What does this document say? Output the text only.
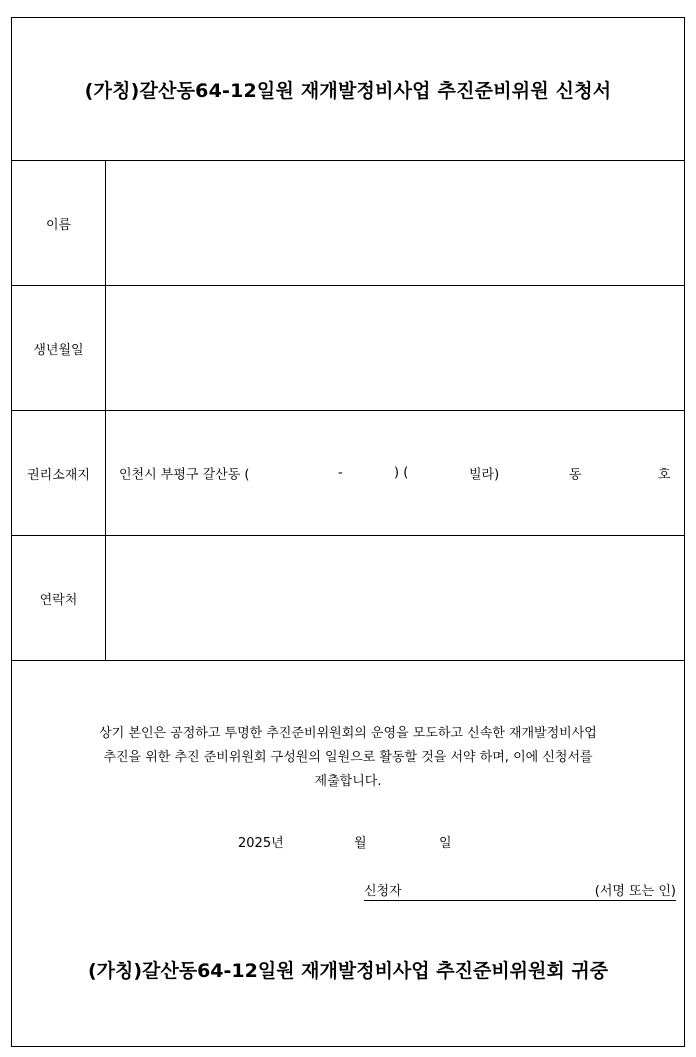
(가칭)갈산동64-12일원 재개발정비사업 추진준비위원 신청서
이름
생년월일
권리소재지	인천시 부평구 갈산동 (	-	) (	빌라)	동	호
연락처
상기 본인은 공정하고 투명한 추진준비위원회의 운영을 모도하고 신속한 재개발정비사업
추진을 위한 추진 준비위원회 구성원의 일원으로 활동할 것을 서약 하며, 이에 신청서를
제출합니다.
2025년	월	일
신청자	(서명 또는 인)
(가칭)갈산동64-12일원 재개발정비사업 추진준비위원회 귀중
